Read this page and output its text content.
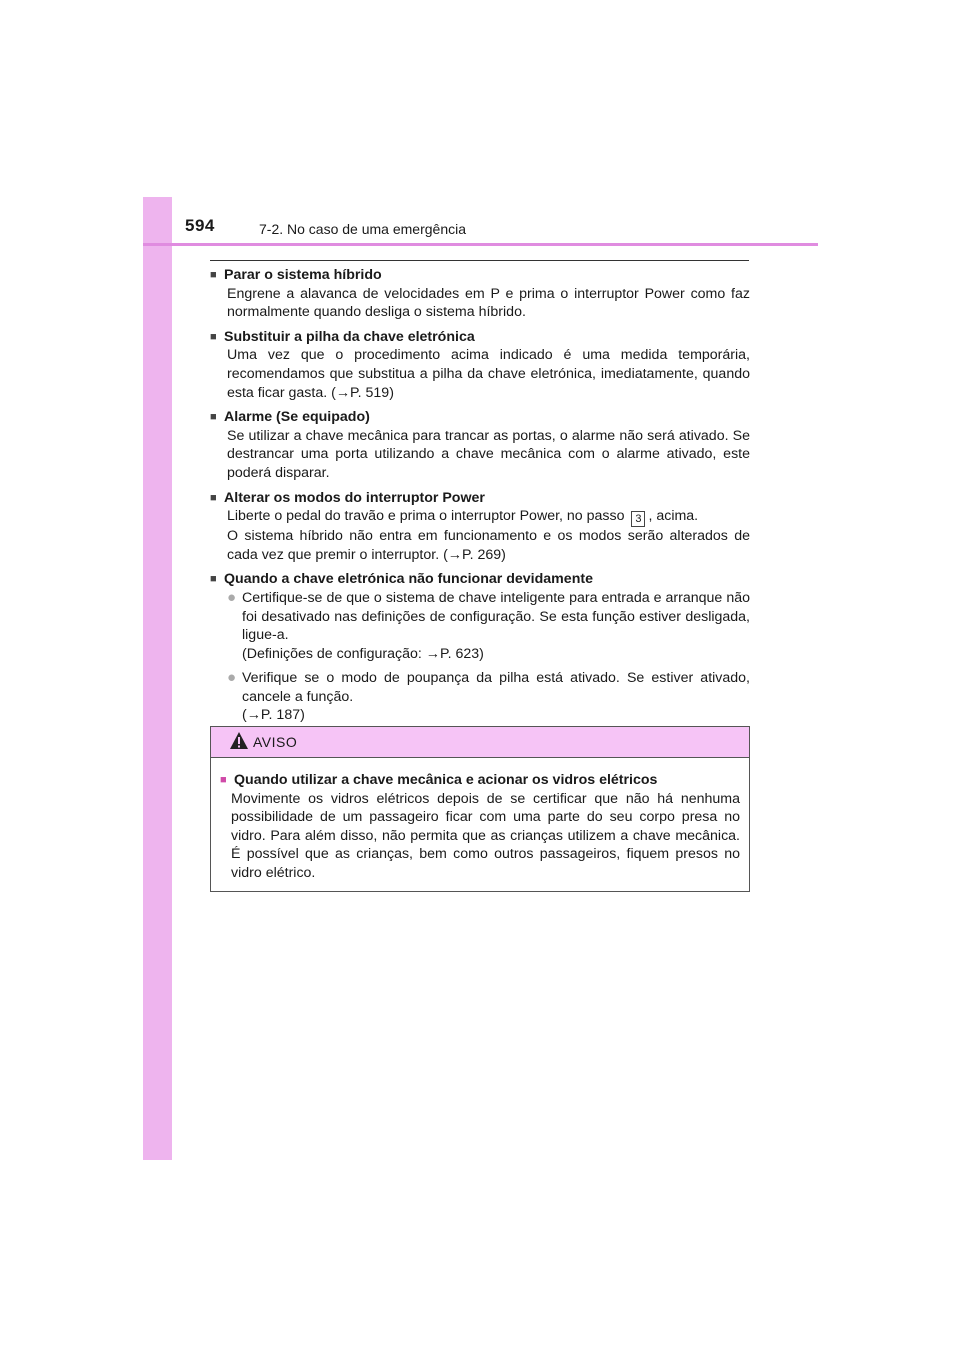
594	7-2. No caso de uma emergência
■ Parar o sistema híbrido
Engrene a alavanca de velocidades em P e prima o interruptor Power como faz normalmente quando desliga o sistema híbrido.
■ Substituir a pilha da chave eletrónica
Uma vez que o procedimento acima indicado é uma medida temporária, recomendamos que substitua a pilha da chave eletrónica, imediatamente, quando esta ficar gasta. (→P. 519)
■ Alarme (Se equipado)
Se utilizar a chave mecânica para trancar as portas, o alarme não será ativado. Se destrancar uma porta utilizando a chave mecânica com o alarme ativado, este poderá disparar.
■ Alterar os modos do interruptor Power
Liberte o pedal do travão e prima o interruptor Power, no passo 3 , acima.
O sistema híbrido não entra em funcionamento e os modos serão alterados de cada vez que premir o interruptor. (→P. 269)
■ Quando a chave eletrónica não funcionar devidamente
● Certifique-se de que o sistema de chave inteligente para entrada e arranque não foi desativado nas definições de configuração. Se esta função estiver desligada, ligue-a.
(Definições de configuração: →P. 623)
● Verifique se o modo de poupança da pilha está ativado. Se estiver ativado, cancele a função.
(→P. 187)
AVISO
■ Quando utilizar a chave mecânica e acionar os vidros elétricos
Movimente os vidros elétricos depois de se certificar que não há nenhuma possibilidade de um passageiro ficar com uma parte do seu corpo presa no vidro. Para além disso, não permita que as crianças utilizem a chave mecânica. É possível que as crianças, bem como outros passageiros, fiquem presos no vidro elétrico.
